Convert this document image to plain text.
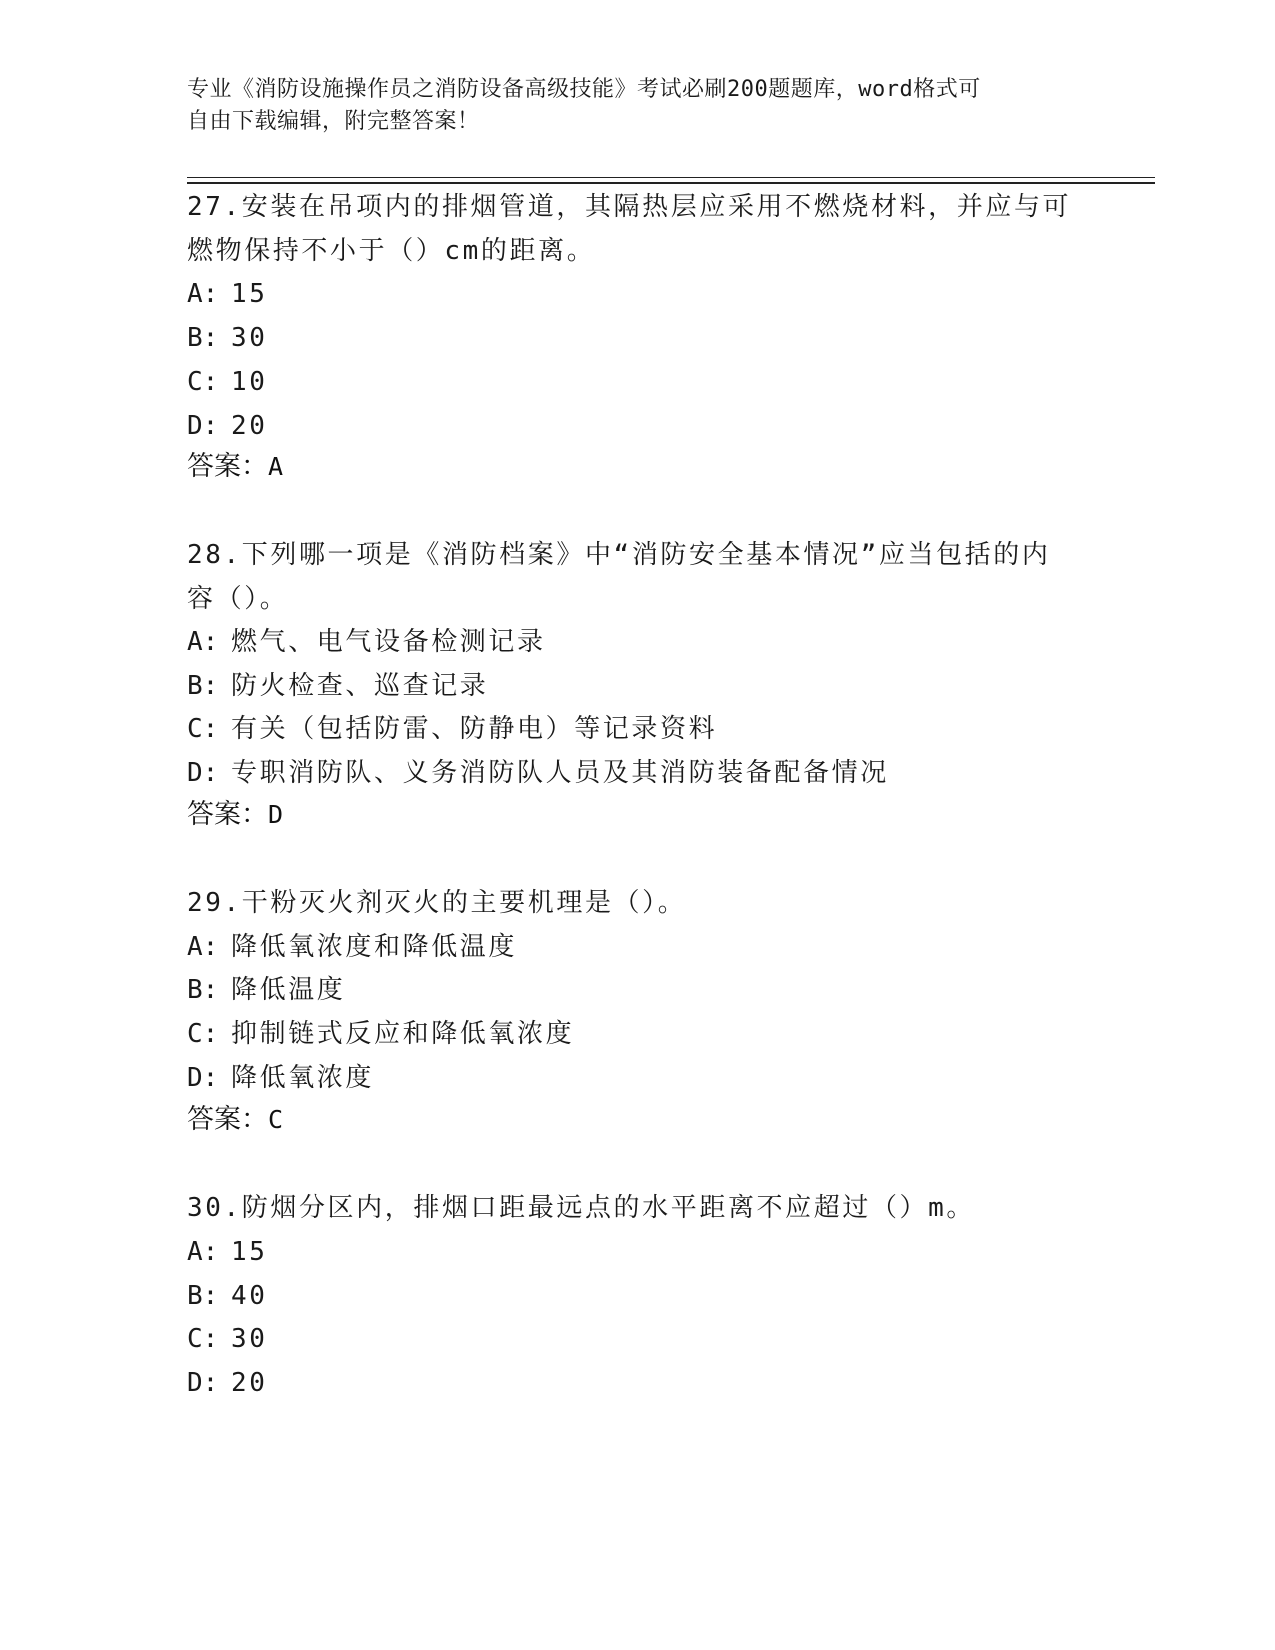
专业《消防设施操作员之消防设备高级技能》考试必刷200题题库，word格式可
自由下载编辑，附完整答案！
27.安装在吊项内的排烟管道，其隔热层应采用不燃烧材料，并应与可
燃物保持不小于（）cm的距离。
A: 15
B: 30
C: 10
D: 20
答案：A
28.下列哪一项是《消防档案》中“消防安全基本情况”应当包括的内
容（）。
A: 燃气、电气设备检测记录
B: 防火检查、巡查记录
C: 有关（包括防雷、防静电）等记录资料
D: 专职消防队、义务消防队人员及其消防装备配备情况
答案：D
29.干粉灭火剂灭火的主要机理是（）。
A: 降低氧浓度和降低温度
B: 降低温度
C: 抑制链式反应和降低氧浓度
D: 降低氧浓度
答案：C
30.防烟分区内，排烟口距最远点的水平距离不应超过（）m。
A: 15
B: 40
C: 30
D: 20
